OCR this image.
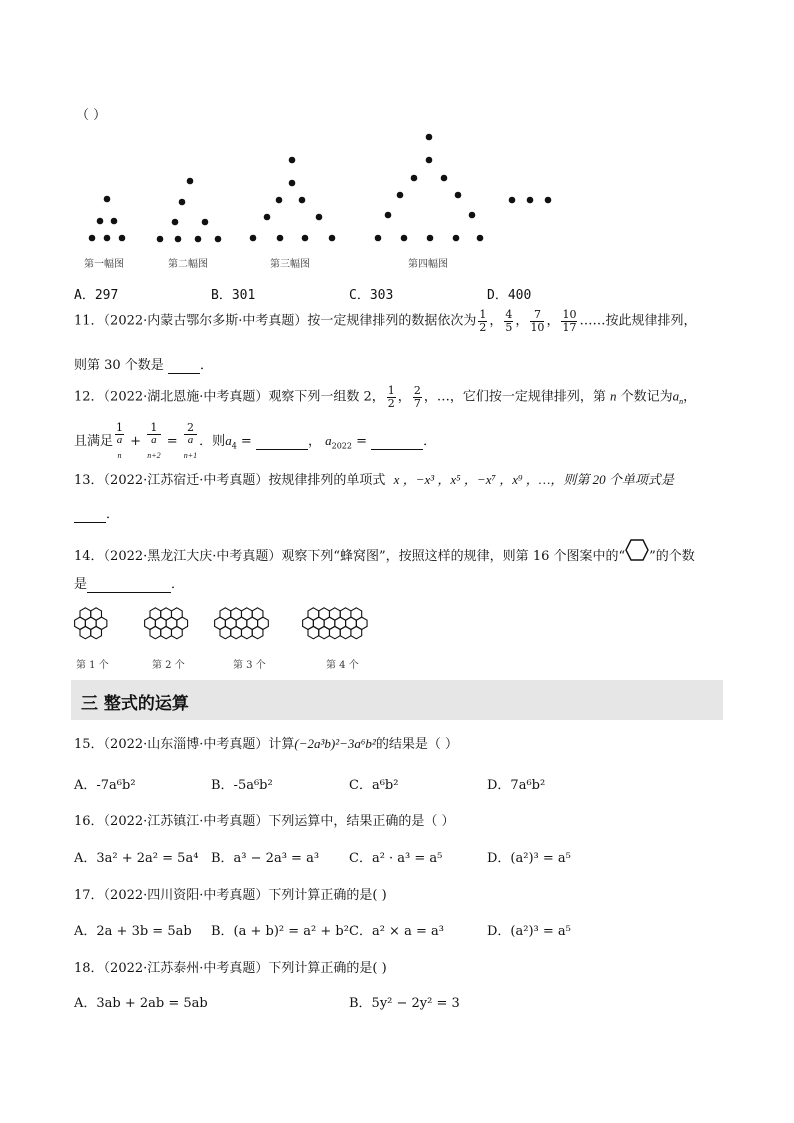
（ ）
第一幅图	第二幅图	第三幅图	第四幅图
A．297	B．301	C．303	D．400
11．（2022·内蒙古鄂尔多斯·中考真题）按一定规律排列的数据依次为 $\frac{1}{2}$ ， $\frac{4}{5}$ ， $\frac{7}{10}$ ， $\frac{10}{17}$ ……按此规律排列，
则第 30 个数是	．
12．（2022·湖北恩施·中考真题）观察下列一组数 2， $\frac{1}{2}$ ， $\frac{2}{7}$ ，…，它们按一定规律排列，第 n 个数记为$a_n$，
且满足 1
a
$_n$ + 1
a
$_{n+2}$ = 2
a
$_{n+1}$ ．则$a_4$ =	， $a_{2022}$ =	．
13．（2022·江苏宿迁·中考真题）按规律排列的单项式 x ，−x³ ，x⁵ ，−x⁷ ，x⁹ ，…，则第 20 个单项式是
．
14．（2022·黑龙江大庆·中考真题）观察下列“蜂窝图”，按照这样的规律，则第 16 个图案中的“ ”的个数
是	．
第 1 个	第 2 个	第 3 个	第 4 个
三 整式的运算
15．（2022·山东淄博·中考真题）计算(−2a³b)²−3a⁶b²的结果是（ ）
A．-7a⁶b²	B．-5a⁶b²	C．a⁶b²	D．7a⁶b²
16．（2022·江苏镇江·中考真题）下列运算中，结果正确的是（ ）
A．3a² + 2a² = 5a⁴ B．a³ − 2a³ = a³ C．a² · a³ = a⁵	D．(a²)³ = a⁵
17．（2022·四川资阳·中考真题）下列计算正确的是( )
A．2a + 3b = 5ab B．(a + b)² = a² + b² C．a² × a = a³	D．(a²)³ = a⁵
18．（2022·江苏泰州·中考真题）下列计算正确的是( )
A．3ab + 2ab = 5ab	B．5y² − 2y² = 3
